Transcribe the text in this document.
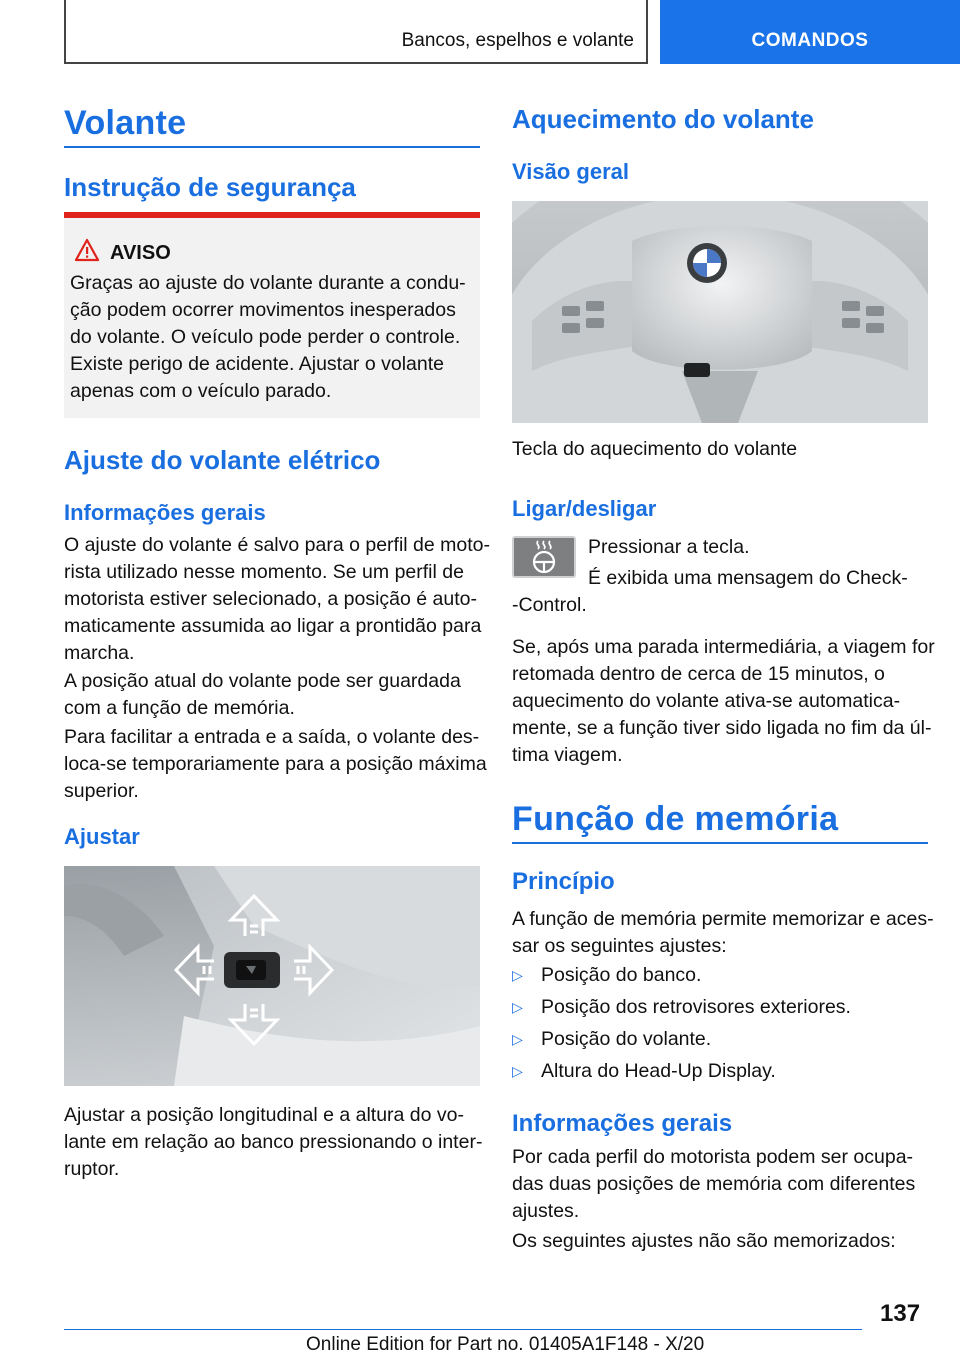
Bancos, espelhos e volante	COMANDOS
Volante
Instrução de segurança
AVISO
Graças ao ajuste do volante durante a condu-
ção podem ocorrer movimentos inesperados
do volante. O veículo pode perder o controle.
Existe perigo de acidente. Ajustar o volante
apenas com o veículo parado.
Ajuste do volante elétrico
Informações gerais
O ajuste do volante é salvo para o perfil de moto-
rista utilizado nesse momento. Se um perfil de
motorista estiver selecionado, a posição é auto-
maticamente assumida ao ligar a prontidão para
marcha.
A posição atual do volante pode ser guardada
com a função de memória.
Para facilitar a entrada e a saída, o volante des-
loca-se temporariamente para a posição máxima
superior.
Ajustar
Ajustar a posição longitudinal e a altura do vo-
lante em relação ao banco pressionando o inter-
ruptor.
Aquecimento do volante
Visão geral
Tecla do aquecimento do volante
Ligar/desligar
Pressionar a tecla.
É exibida uma mensagem do Check-
-Control.
Se, após uma parada intermediária, a viagem for
retomada dentro de cerca de 15 minutos, o
aquecimento do volante ativa-se automatica-
mente, se a função tiver sido ligada no fim da úl-
tima viagem.
Função de memória
Princípio
A função de memória permite memorizar e aces-
sar os seguintes ajustes:
▷ Posição do banco.
▷ Posição dos retrovisores exteriores.
▷ Posição do volante.
▷ Altura do Head-Up Display.
Informações gerais
Por cada perfil do motorista podem ser ocupa-
das duas posições de memória com diferentes
ajustes.
Os seguintes ajustes não são memorizados:
137
Online Edition for Part no. 01405A1F148 - X/20
